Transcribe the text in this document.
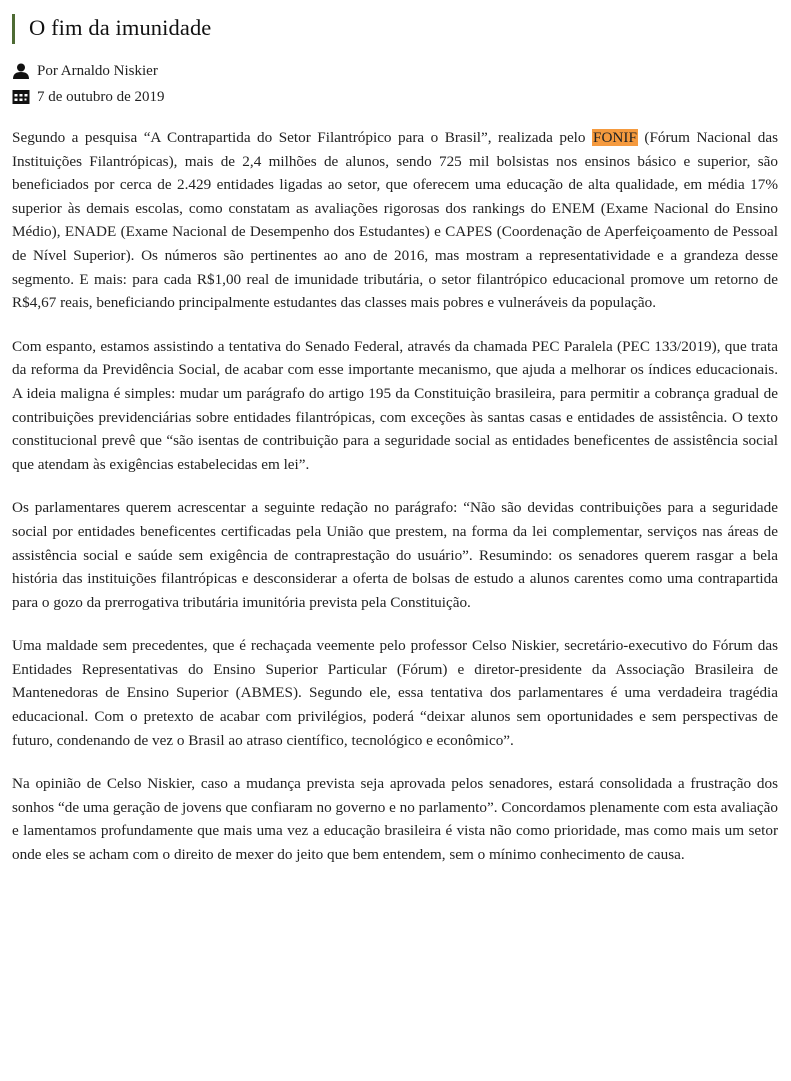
O fim da imunidade
Por Arnaldo Niskier
7 de outubro de 2019

Segundo a pesquisa “A Contrapartida do Setor Filantrópico para o Brasil”, realizada pelo FONIF (Fórum Nacional das Instituições Filantrópicas), mais de 2,4 milhões de alunos, sendo 725 mil bolsistas nos ensinos básico e superior, são beneficiados por cerca de 2.429 entidades ligadas ao setor, que oferecem uma educação de alta qualidade, em média 17% superior às demais escolas, como constatam as avaliações rigorosas dos rankings do ENEM (Exame Nacional do Ensino Médio), ENADE (Exame Nacional de Desempenho dos Estudantes) e CAPES (Coordenação de Aperfeiçoamento de Pessoal de Nível Superior). Os números são pertinentes ao ano de 2016, mas mostram a representatividade e a grandeza desse segmento. E mais: para cada R$1,00 real de imunidade tributária, o setor filantrópico educacional promove um retorno de R$4,67 reais, beneficiando principalmente estudantes das classes mais pobres e vulneráveis da população.

Com espanto, estamos assistindo a tentativa do Senado Federal, através da chamada PEC Paralela (PEC 133/2019), que trata da reforma da Previdência Social, de acabar com esse importante mecanismo, que ajuda a melhorar os índices educacionais. A ideia maligna é simples: mudar um parágrafo do artigo 195 da Constituição brasileira, para permitir a cobrança gradual de contribuições previdenciárias sobre entidades filantrópicas, com exceções às santas casas e entidades de assistência. O texto constitucional prevê que “são isentas de contribuição para a seguridade social as entidades beneficentes de assistência social que atendam às exigências estabelecidas em lei”.

Os parlamentares querem acrescentar a seguinte redação no parágrafo: “Não são devidas contribuições para a seguridade social por entidades beneficentes certificadas pela União que prestem, na forma da lei complementar, serviços nas áreas de assistência social e saúde sem exigência de contraprestação do usuário”. Resumindo: os senadores querem rasgar a bela história das instituições filantrópicas e desconsiderar a oferta de bolsas de estudo a alunos carentes como uma contrapartida para o gozo da prerrogativa tributária imunitória prevista pela Constituição.

Uma maldade sem precedentes, que é rechaçada veemente pelo professor Celso Niskier, secretário-executivo do Fórum das Entidades Representativas do Ensino Superior Particular (Fórum) e diretor-presidente da Associação Brasileira de Mantenedoras de Ensino Superior (ABMES). Segundo ele, essa tentativa dos parlamentares é uma verdadeira tragédia educacional. Com o pretexto de acabar com privilégios, poderá “deixar alunos sem oportunidades e sem perspectivas de futuro, condenando de vez o Brasil ao atraso científico, tecnológico e econômico”.

Na opinião de Celso Niskier, caso a mudança prevista seja aprovada pelos senadores, estará consolidada a frustração dos sonhos “de uma geração de jovens que confiaram no governo e no parlamento”. Concordamos plenamente com esta avaliação e lamentamos profundamente que mais uma vez a educação brasileira é vista não como prioridade, mas como mais um setor onde eles se acham com o direito de mexer do jeito que bem entendem, sem o mínimo conhecimento de causa.
